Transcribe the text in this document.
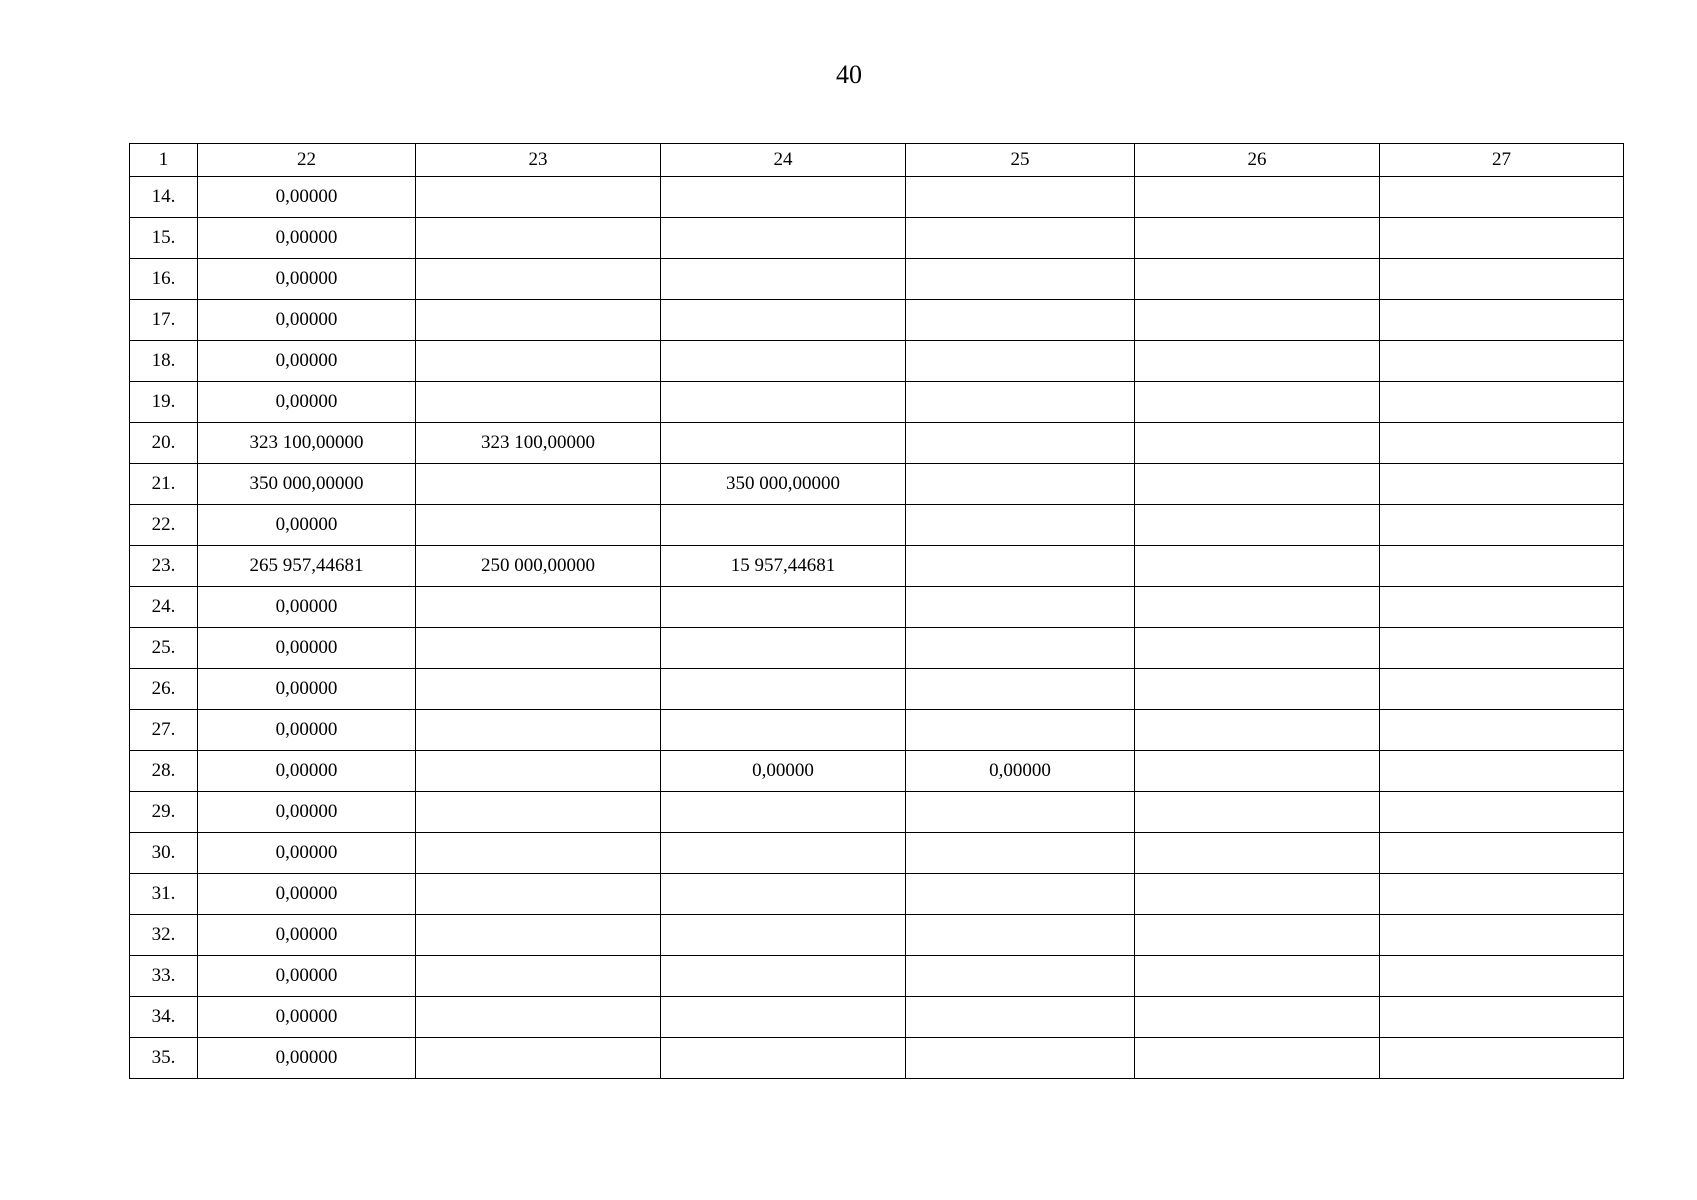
40
1	22	23	24	25	26	27
14.	0,00000					
15.	0,00000					
16.	0,00000					
17.	0,00000					
18.	0,00000					
19.	0,00000					
20.	323 100,00000	323 100,00000				
21.	350 000,00000		350 000,00000			
22.	0,00000					
23.	265 957,44681	250 000,00000	15 957,44681			
24.	0,00000					
25.	0,00000					
26.	0,00000					
27.	0,00000					
28.	0,00000		0,00000	0,00000		
29.	0,00000					
30.	0,00000					
31.	0,00000					
32.	0,00000					
33.	0,00000					
34.	0,00000					
35.	0,00000					
